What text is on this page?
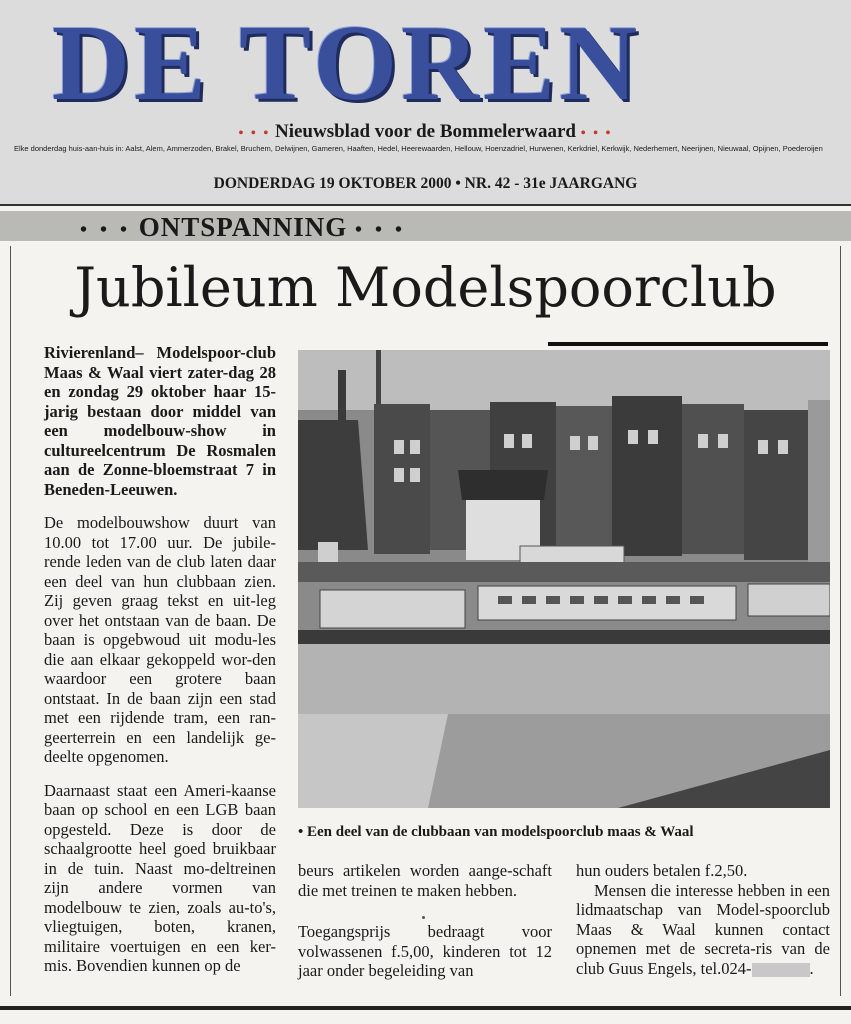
DE TOREN
• • • Nieuwsblad voor de Bommelerwaard • • •
Elke donderdag huis-aan-huis in: Aalst, Alem, Ammerzoden, Brakel, Bruchem, Delwijnen, Gameren, Haaften, Hedel, Heerewaarden, Hellouw, Hoenzadriel, Hurwenen, Kerkdriel, Kerkwijk, Nederhemert, Neerijnen, Nieuwaal, Opijnen, Poederoijen
DONDERDAG 19 OKTOBER 2000 • NR. 42 - 31e JAARGANG
• • • ONTSPANNING • • •
Jubileum Modelspoorclub

Rivierenland– Modelspoor-club Maas & Waal viert zater-dag 28 en zondag 29 oktober haar 15-jarig bestaan door middel van een modelbouw-show in cultureelcentrum De Rosmalen aan de Zonne-bloemstraat 7 in Beneden-Leeuwen.

De modelbouwshow duurt van 10.00 tot 17.00 uur. De jubile-rende leden van de club laten daar een deel van hun clubbaan zien. Zij geven graag tekst en uit-leg over het ontstaan van de baan. De baan is opgebwoud uit modu-les die aan elkaar gekoppeld wor-den waardoor een grotere baan ontstaat. In de baan zijn een stad met een rijdende tram, een ran-geerterrein en een landelijk ge-deelte opgenomen.

Daarnaast staat een Ameri-kaanse baan op school en een LGB baan opgesteld. Deze is door de schaalgrootte heel goed bruikbaar in de tuin. Naast mo-deltreinen zijn andere vormen van modelbouw te zien, zoals au-to's, vliegtuigen, boten, kranen, militaire voertuigen en een ker-mis. Bovendien kunnen op de

• Een deel van de clubbaan van modelspoorclub maas & Waal

beurs artikelen worden aange-schaft die met treinen te maken hebben.

Toegangsprijs bedraagt voor volwassenen f.5,00, kinderen tot 12 jaar onder begeleiding van

hun ouders betalen f.2,50.

Mensen die interesse hebben in een lidmaatschap van Model-spoorclub Maas & Waal kunnen contact opnemen met de secreta-ris van de club Guus Engels, tel.024-	.
